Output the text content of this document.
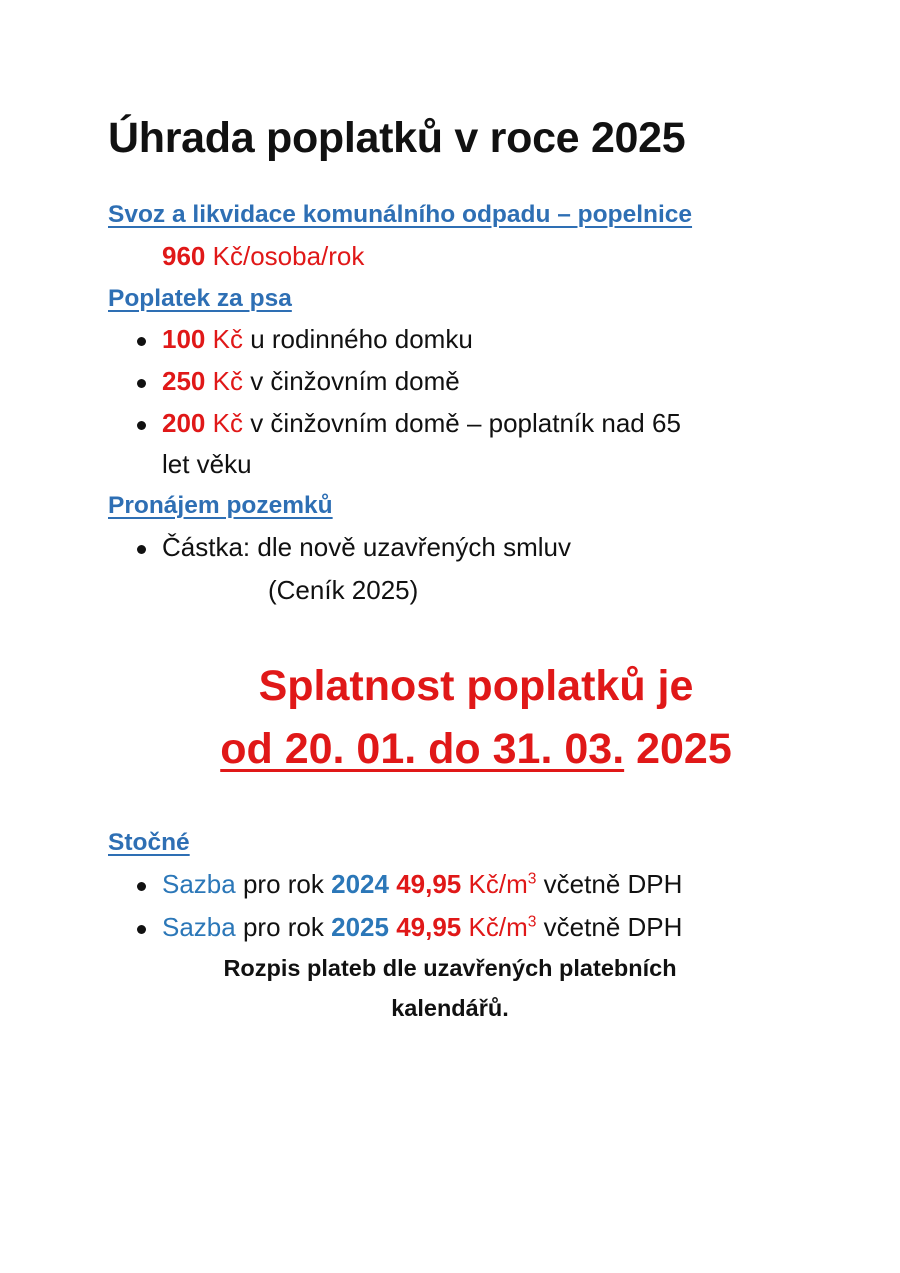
Úhrada poplatků v roce 2025
Svoz a likvidace komunálního odpadu – popelnice
960 Kč/osoba/rok
Poplatek za psa
100 Kč u rodinného domku
250 Kč v činžovním domě
200 Kč v činžovním domě – poplatník nad 65
let věku
Pronájem pozemků
Částka: dle nově uzavřených smluv
(Ceník 2025)
Splatnost poplatků je
od 20. 01. do 31. 03. 2025
Stočné
Sazba pro rok 2024 49,95 $Kč/m^3$ včetně DPH
Sazba pro rok 2025 49,95 $Kč/m^3$ včetně DPH
Rozpis plateb dle uzavřených platebních
kalendářů.
